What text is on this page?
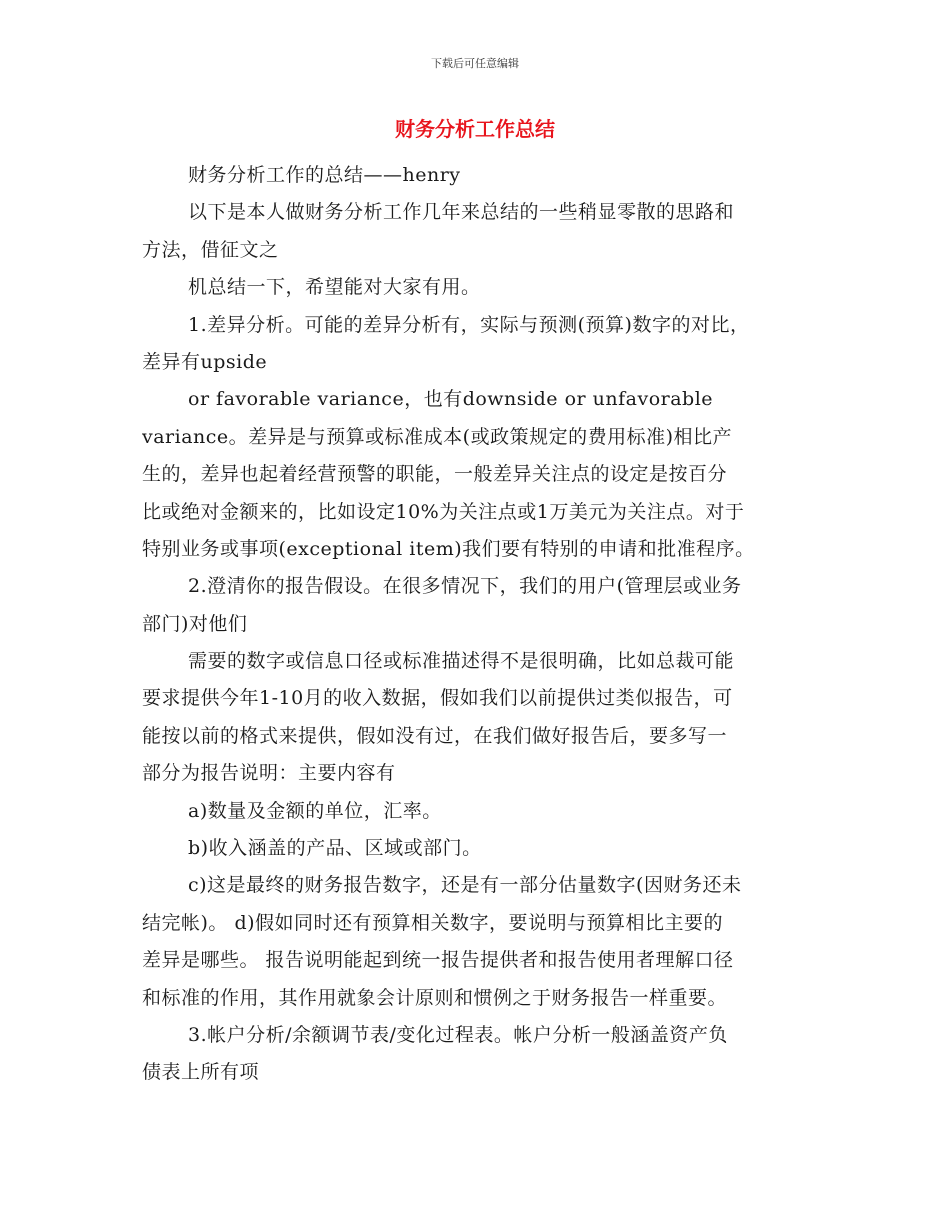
下载后可任意编辑
财务分析工作总结
财务分析工作的总结——henry
以下是本人做财务分析工作几年来总结的一些稍显零散的思路和
方法，借征文之
机总结一下，希望能对大家有用。
1.差异分析。可能的差异分析有，实际与预测(预算)数字的对比，
差异有upside
or favorable variance，也有downside or unfavorable
variance。差异是与预算或标准成本(或政策规定的费用标准)相比产
生的，差异也起着经营预警的职能，一般差异关注点的设定是按百分
比或绝对金额来的，比如设定10%为关注点或1万美元为关注点。对于
特别业务或事项(exceptional item)我们要有特别的申请和批准程序。
2.澄清你的报告假设。在很多情况下，我们的用户(管理层或业务
部门)对他们
需要的数字或信息口径或标准描述得不是很明确，比如总裁可能
要求提供今年1-10月的收入数据，假如我们以前提供过类似报告，可
能按以前的格式来提供，假如没有过，在我们做好报告后，要多写一
部分为报告说明：主要内容有
a)数量及金额的单位，汇率。
b)收入涵盖的产品、区域或部门。
c)这是最终的财务报告数字，还是有一部分估量数字(因财务还未
结完帐)。 d)假如同时还有预算相关数字，要说明与预算相比主要的
差异是哪些。 报告说明能起到统一报告提供者和报告使用者理解口径
和标准的作用，其作用就象会计原则和惯例之于财务报告一样重要。
3.帐户分析/余额调节表/变化过程表。帐户分析一般涵盖资产负
债表上所有项
